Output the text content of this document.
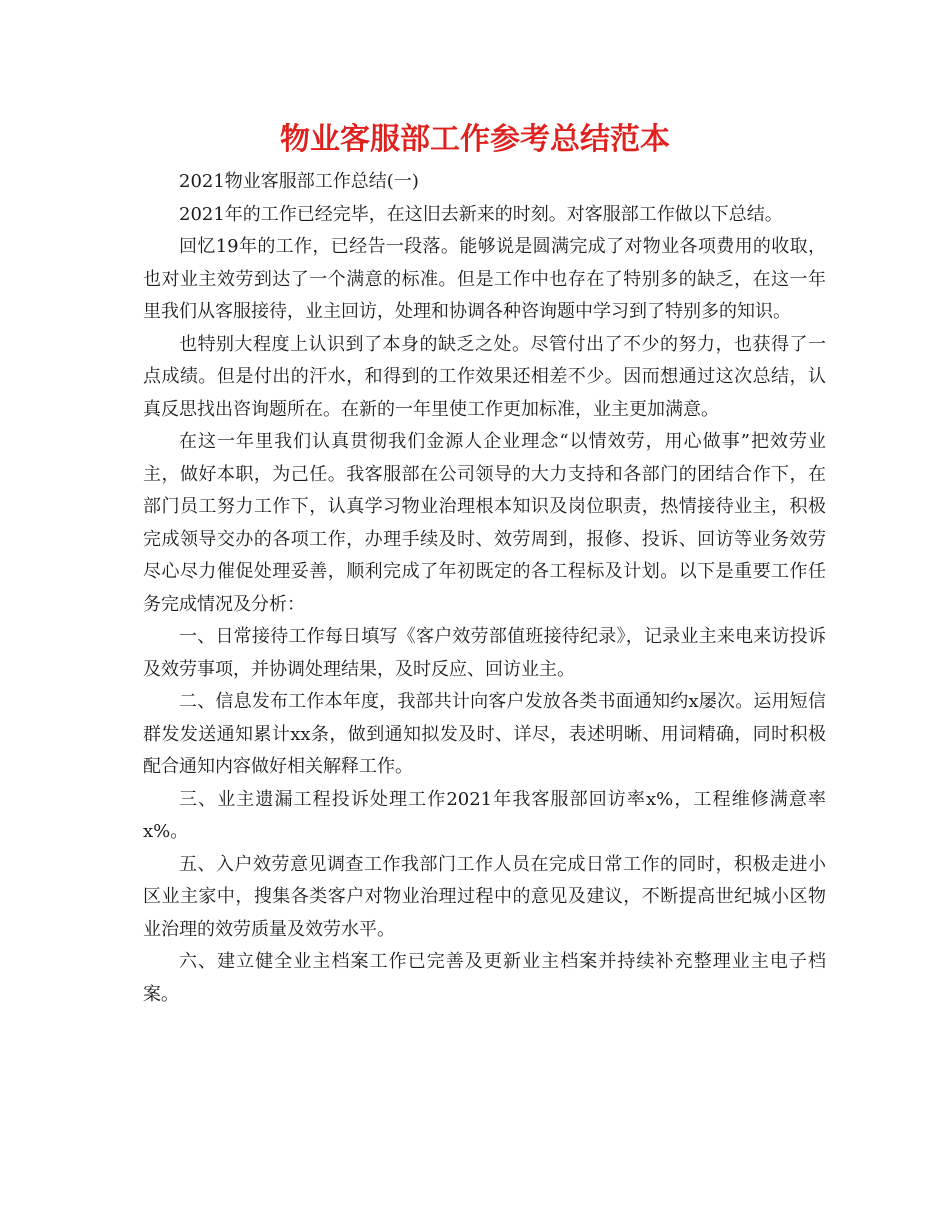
物业客服部工作参考总结范本

2021物业客服部工作总结(一)

2021年的工作已经完毕，在这旧去新来的时刻。对客服部工作做以下总结。

回忆19年的工作，已经告一段落。能够说是圆满完成了对物业各项费用的收取，也对业主效劳到达了一个满意的标准。但是工作中也存在了特别多的缺乏，在这一年里我们从客服接待，业主回访，处理和协调各种咨询题中学习到了特别多的知识。

也特别大程度上认识到了本身的缺乏之处。尽管付出了不少的努力，也获得了一点成绩。但是付出的汗水，和得到的工作效果还相差不少。因而想通过这次总结，认真反思找出咨询题所在。在新的一年里使工作更加标准，业主更加满意。

在这一年里我们认真贯彻我们金源人企业理念“以情效劳，用心做事”把效劳业主，做好本职，为己任。我客服部在公司领导的大力支持和各部门的团结合作下，在部门员工努力工作下，认真学习物业治理根本知识及岗位职责，热情接待业主，积极完成领导交办的各项工作，办理手续及时、效劳周到，报修、投诉、回访等业务效劳尽心尽力催促处理妥善，顺利完成了年初既定的各工程标及计划。以下是重要工作任务完成情况及分析：

一、日常接待工作每日填写《客户效劳部值班接待纪录》，记录业主来电来访投诉及效劳事项，并协调处理结果，及时反应、回访业主。

二、信息发布工作本年度，我部共计向客户发放各类书面通知约x屡次。运用短信群发发送通知累计xx条，做到通知拟发及时、详尽，表述明晰、用词精确，同时积极配合通知内容做好相关解释工作。

三、业主遗漏工程投诉处理工作2021年我客服部回访率x%，工程维修满意率x%。

五、入户效劳意见调查工作我部门工作人员在完成日常工作的同时，积极走进小区业主家中，搜集各类客户对物业治理过程中的意见及建议，不断提高世纪城小区物业治理的效劳质量及效劳水平。

六、建立健全业主档案工作已完善及更新业主档案并持续补充整理业主电子档案。
